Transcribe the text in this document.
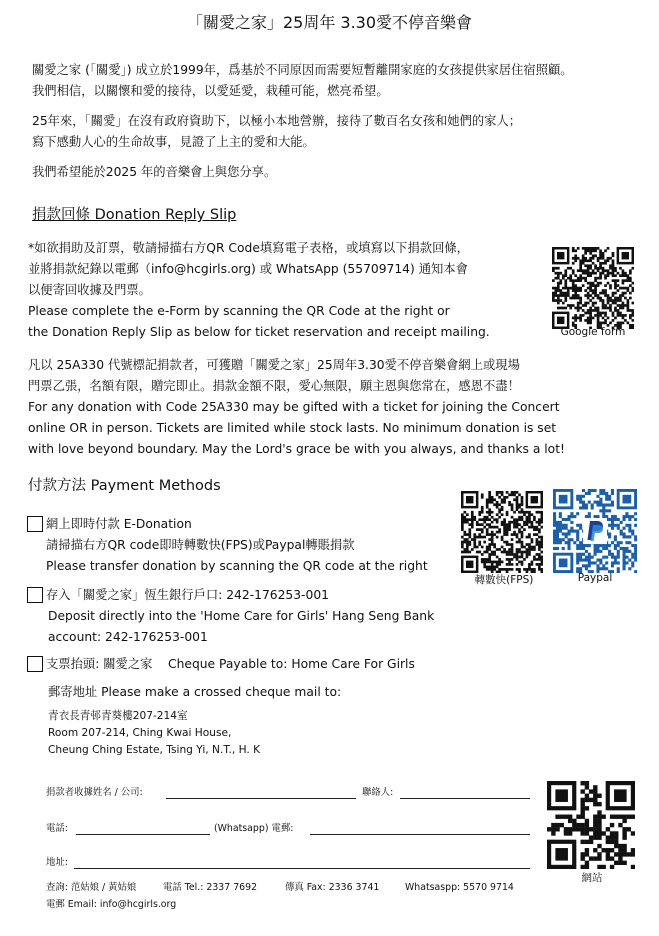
「關愛之家」25周年 3.30愛不停音樂會
關愛之家 (「關愛」) 成立於1999年，爲基於不同原因而需要短暫離開家庭的女孩提供家居住宿照顧。
我們相信，以關懷和愛的接待，以愛延愛，栽種可能，燃亮希望。
25年來，「關愛」在沒有政府資助下，以極小本地營辦，接待了數百名女孩和她們的家人；
寫下感動人心的生命故事，見證了上主的愛和大能。
我們希望能於2025 年的音樂會上與您分享。
捐款回條 Donation Reply Slip
*如欲捐助及訂票，敬請掃描右方QR Code填寫電子表格，或填寫以下捐款回條，
並將捐款紀錄以電郵（info@hcgirls.org) 或 WhatsApp (55709714) 通知本會
以便寄回收據及門票。
Please complete the e-Form by scanning the QR Code at the right or
the Donation Reply Slip as below for ticket reservation and receipt mailing.	Google form
凡以 25A330 代號標記捐款者，可獲贈「關愛之家」25周年3.30愛不停音樂會網上或現場
門票乙張，名額有限，贈完即止。捐款金額不限，愛心無限，願主恩與您常在，感恩不盡！
For any donation with Code 25A330 may be gifted with a ticket for joining the Concert
online OR in person. Tickets are limited while stock lasts. No minimum donation is set
with love beyond boundary. May the Lord's grace be with you always, and thanks a lot!
付款方法 Payment Methods
網上即時付款 E-Donation
請掃描右方QR code即時轉數快(FPS)或Paypal轉賬捐款
Please transfer donation by scanning the QR code at the right
轉數快(FPS)	Paypal
存入「關愛之家」恆生銀行戶口: 242-176253-001
Deposit directly into the 'Home Care for Girls' Hang Seng Bank
account: 242-176253-001
支票抬頭: 關愛之家 Cheque Payable to: Home Care For Girls
郵寄地址 Please make a crossed cheque mail to:
青衣長青邨青葵樓207-214室
Room 207-214, Ching Kwai House,
Cheung Ching Estate, Tsing Yi, N.T., H. K
捐款者收據姓名 / 公司:	聯絡人:
電話:	(Whatsapp) 電郵:
地址:
網站
查詢: 范姑娘 / 黃姑娘	電話 Tel.: 2337 7692	傳真 Fax: 2336 3741	Whatsaspp: 5570 9714
電郵 Email: info@hcgirls.org
